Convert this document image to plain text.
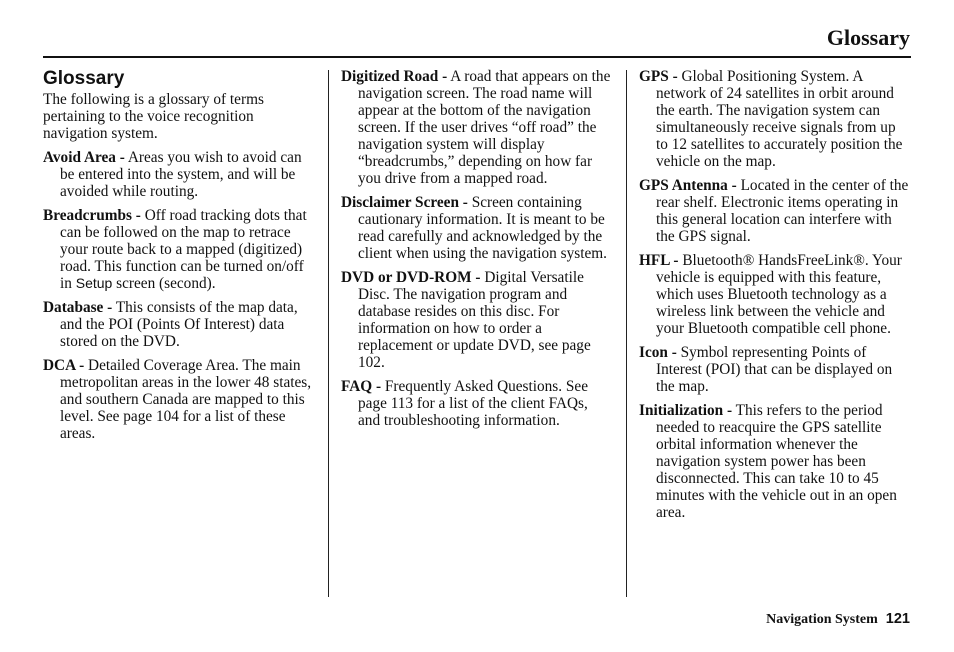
Glossary
Glossary

The following is a glossary of terms pertaining to the voice recognition navigation system.

Avoid Area - Areas you wish to avoid can be entered into the system, and will be avoided while routing.

Breadcrumbs - Off road tracking dots that can be followed on the map to retrace your route back to a mapped (digitized) road. This function can be turned on/off in Setup screen (second).

Database - This consists of the map data, and the POI (Points Of Interest) data stored on the DVD.

DCA - Detailed Coverage Area. The main metropolitan areas in the lower 48 states, and southern Canada are mapped to this level. See page 104 for a list of these areas.

Digitized Road - A road that appears on the navigation screen. The road name will appear at the bottom of the navigation screen. If the user drives “off road” the navigation system will display “breadcrumbs,” depending on how far you drive from a mapped road.

Disclaimer Screen - Screen containing cautionary information. It is meant to be read carefully and acknowledged by the client when using the navigation system.

DVD or DVD-ROM - Digital Versatile Disc. The navigation program and database resides on this disc. For information on how to order a replacement or update DVD, see page 102.

FAQ - Frequently Asked Questions. See page 113 for a list of the client FAQs, and troubleshooting information.

GPS - Global Positioning System. A network of 24 satellites in orbit around the earth. The navigation system can simultaneously receive signals from up to 12 satellites to accurately position the vehicle on the map.

GPS Antenna - Located in the center of the rear shelf. Electronic items operating in this general location can interfere with the GPS signal.

HFL - Bluetooth® HandsFreeLink®. Your vehicle is equipped with this feature, which uses Bluetooth technology as a wireless link between the vehicle and your Bluetooth compatible cell phone.

Icon - Symbol representing Points of Interest (POI) that can be displayed on the map.

Initialization - This refers to the period needed to reacquire the GPS satellite orbital information whenever the navigation system power has been disconnected. This can take 10 to 45 minutes with the vehicle out in an open area.

Navigation System 121
